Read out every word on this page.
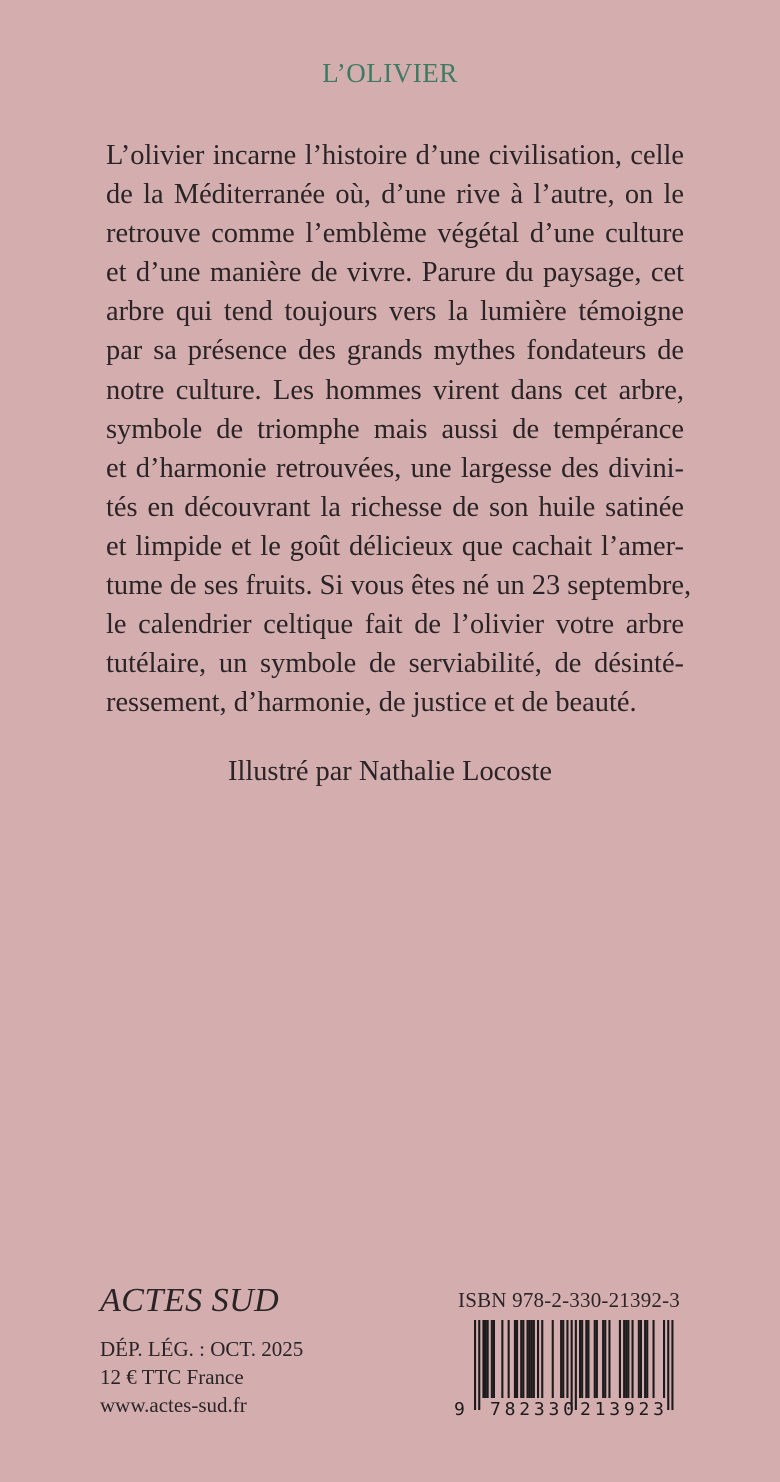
L’OLIVIER

L’olivier incarne l’histoire d’une civilisation, celle
de la Méditerranée où, d’une rive à l’autre, on le
retrouve comme l’emblème végétal d’une culture
et d’une manière de vivre. Parure du paysage, cet
arbre qui tend toujours vers la lumière témoigne
par sa présence des grands mythes fondateurs de
notre culture. Les hommes virent dans cet arbre,
symbole de triomphe mais aussi de tempérance
et d’harmonie retrouvées, une largesse des divini-
tés en découvrant la richesse de son huile satinée
et limpide et le goût délicieux que cachait l’amer-
tume de ses fruits. Si vous êtes né un 23 septembre,
le calendrier celtique fait de l’olivier votre arbre
tutélaire, un symbole de serviabilité, de désinté-
ressement, d’harmonie, de justice et de beauté.

Illustré par Nathalie Locoste
ACTES SUD
DÉP. LÉG. : OCT. 2025
12 € TTC France
www.actes-sud.fr
ISBN 978-2-330-21392-3
9 782330 213923
